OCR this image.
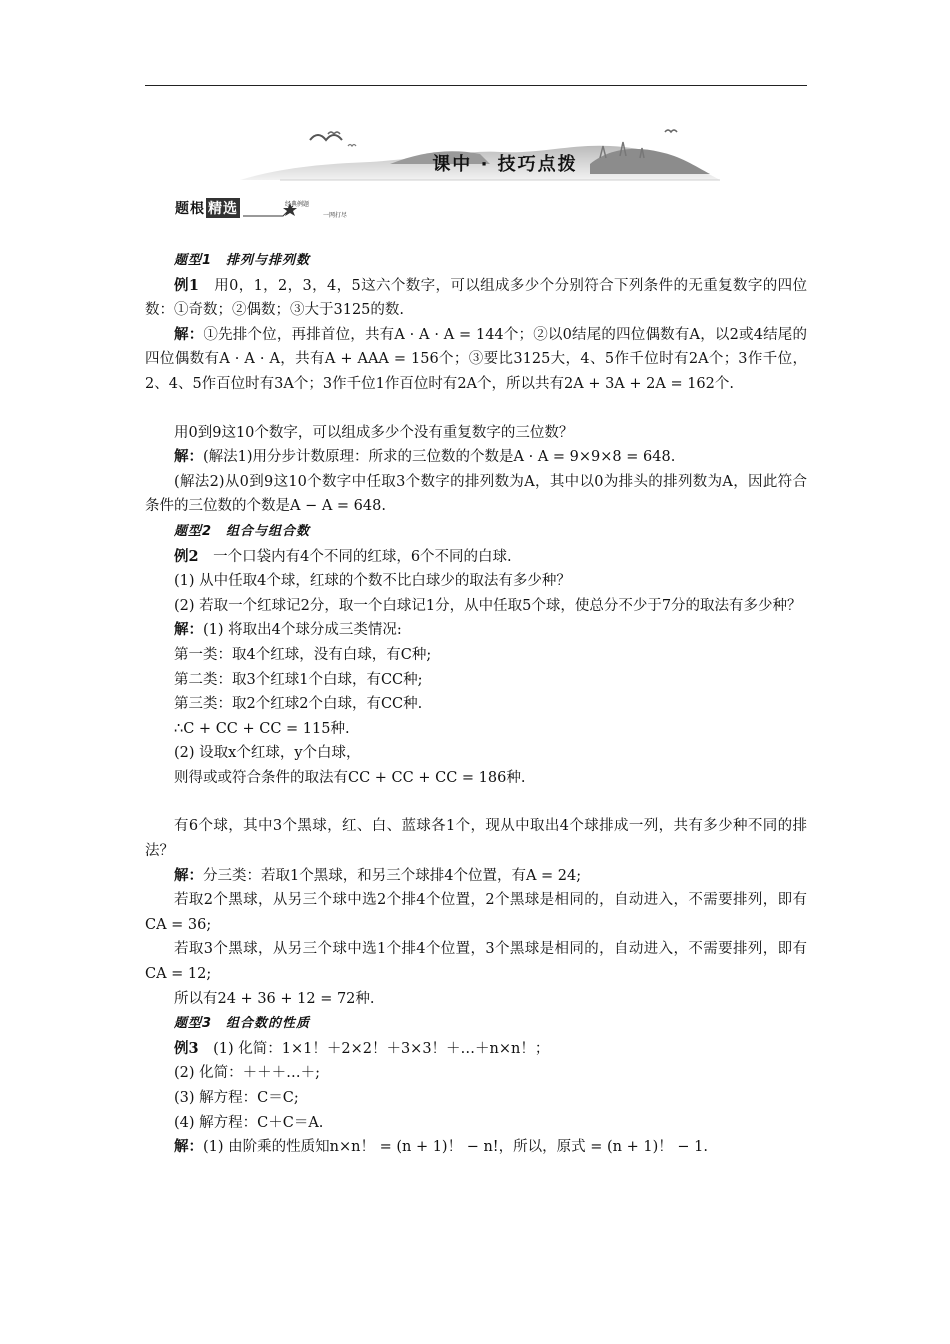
课中 · 技巧点拨
题根 精选	经典例题
一网打尽

题型1　排列与排列数

例1　用0，1，2，3，4，5这六个数字，可以组成多少个分别符合下列条件的无重复数字的四位数：①奇数；②偶数；③大于3125的数.

解：①先排个位，再排首位，共有A · A · A = 144个；②以0结尾的四位偶数有A，以2或4结尾的四位偶数有A · A · A，共有A + AAA = 156个；③要比3125大，4、5作千位时有2A个；3作千位，2、4、5作百位时有3A个；3作千位1作百位时有2A个，所以共有2A + 3A + 2A = 162个.

用0到9这10个数字，可以组成多少个没有重复数字的三位数？

解：(解法1)用分步计数原理：所求的三位数的个数是A · A = 9×9×8 = 648.

(解法2)从0到9这10个数字中任取3个数字的排列数为A，其中以0为排头的排列数为A，因此符合条件的三位数的个数是A − A = 648.

题型2　组合与组合数

例2　一个口袋内有4个不同的红球，6个不同的白球.

(1) 从中任取4个球，红球的个数不比白球少的取法有多少种？

(2) 若取一个红球记2分，取一个白球记1分，从中任取5个球，使总分不少于7分的取法有多少种？

解：(1) 将取出4个球分成三类情况:

第一类：取4个红球，没有白球，有C种;

第二类：取3个红球1个白球，有CC种;

第三类：取2个红球2个白球，有CC种.

∴C + CC + CC = 115种.

(2) 设取x个红球，y个白球，

则得或或符合条件的取法有CC + CC + CC = 186种.

有6个球，其中3个黑球，红、白、蓝球各1个，现从中取出4个球排成一列，共有多少种不同的排法？

解：分三类：若取1个黑球，和另三个球排4个位置，有A = 24;

若取2个黑球，从另三个球中选2个排4个位置，2个黑球是相同的，自动进入，不需要排列，即有CA = 36;

若取3个黑球，从另三个球中选1个排4个位置，3个黑球是相同的，自动进入，不需要排列，即有CA = 12;

所以有24 + 36 + 12 = 72种.

题型3　组合数的性质

例3　(1) 化简：1×1！＋2×2！＋3×3！＋…＋n×n！；

(2) 化简：＋＋＋…＋;

(3) 解方程：C＝C;

(4) 解方程：C＋C＝A.

解：(1) 由阶乘的性质知n×n！ = (n + 1)！ − n!，所以，原式 = (n + 1)！ − 1.
